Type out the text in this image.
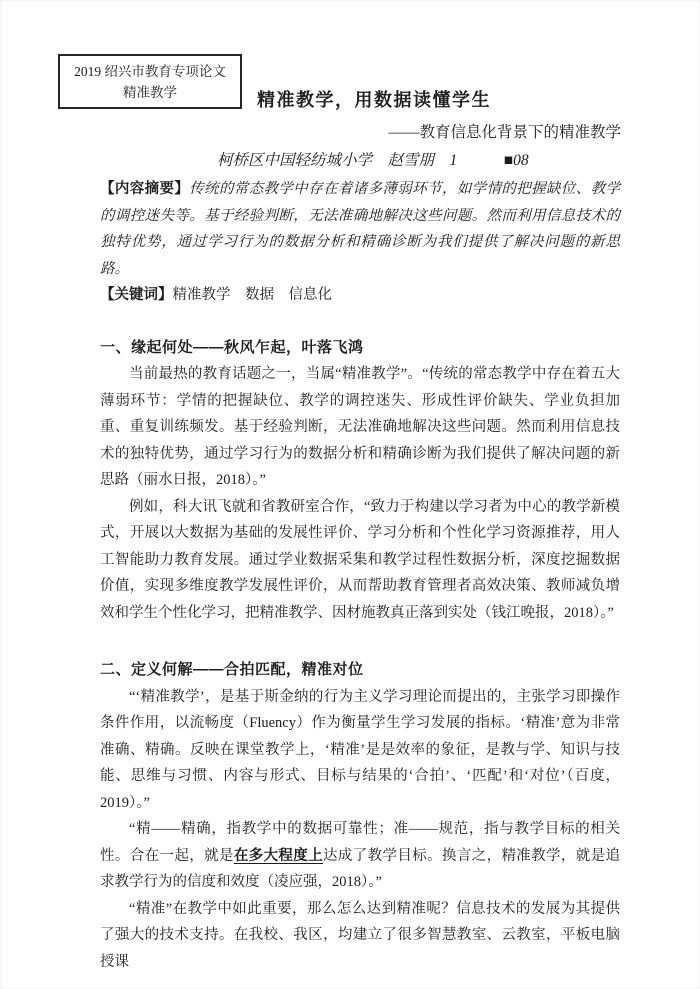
2019 绍兴市教育专项论文
精准教学	精准教学，用数据读懂学生
——教育信息化背景下的精准教学
柯桥区中国轻纺城小学　赵雪朋　1　　　■08

【内容摘要】传统的常态教学中存在着诸多薄弱环节，如学情的把握缺位、教学的调控迷失等。基于经验判断，无法准确地解决这些问题。然而利用信息技术的独特优势，通过学习行为的数据分析和精确诊断为我们提供了解决问题的新思路。

【关键词】精准教学　数据　信息化

一、缘起何处——秋风乍起，叶落飞鸿

当前最热的教育话题之一，当属“精准教学”。“传统的常态教学中存在着五大薄弱环节：学情的把握缺位、教学的调控迷失、形成性评价缺失、学业负担加重、重复训练频发。基于经验判断，无法准确地解决这些问题。然而利用信息技术的独特优势，通过学习行为的数据分析和精确诊断为我们提供了解决问题的新思路（丽水日报，2018）。”

例如，科大讯飞就和省教研室合作，“致力于构建以学习者为中心的教学新模式，开展以大数据为基础的发展性评价、学习分析和个性化学习资源推荐，用人工智能助力教育发展。通过学业数据采集和教学过程性数据分析，深度挖掘数据价值，实现多维度教学发展性评价，从而帮助教育管理者高效决策、教师减负增效和学生个性化学习，把精准教学、因材施教真正落到实处（钱江晚报，2018）。”

二、定义何解——合拍匹配，精准对位

“‘精准教学’，是基于斯金纳的行为主义学习理论而提出的，主张学习即操作条件作用，以流畅度（Fluency）作为衡量学生学习发展的指标。‘精准’意为非常准确、精确。反映在课堂教学上，‘精准’是是效率的象征，是教与学、知识与技能、思维与习惯、内容与形式、目标与结果的‘合拍’、‘匹配’和‘对位’（百度，2019）。”

“精——精确，指教学中的数据可靠性；准——规范，指与教学目标的相关性。合在一起，就是在多大程度上达成了教学目标。换言之，精准教学，就是追求教学行为的信度和效度（凌应强，2018）。”

“精准”在教学中如此重要，那么怎么达到精准呢？信息技术的发展为其提供了强大的技术支持。在我校、我区，均建立了很多智慧教室、云教室，平板电脑授课
